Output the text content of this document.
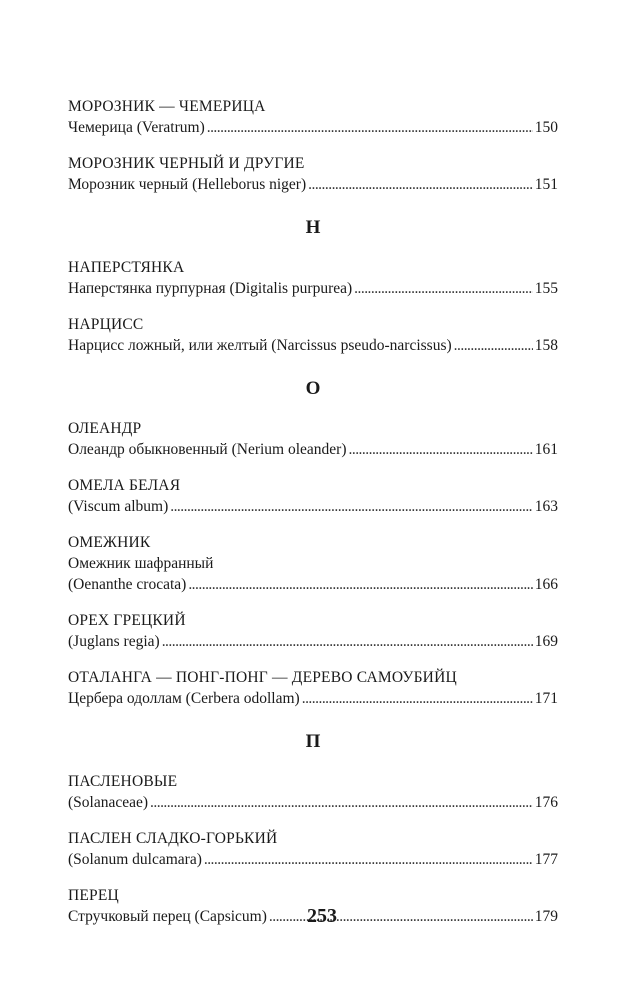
МОРОЗНИК — ЧЕМЕРИЦА
Чемерица (Veratrum) . . .	150
МОРОЗНИК ЧЕРНЫЙ И ДРУГИЕ
Морозник черный (Helleborus niger) . . .	151
Н
НАПЕРСТЯНКА
Наперстянка пурпурная (Digitalis purpurea) . . .	155
НАРЦИСС
Нарцисс ложный, или желтый (Narcissus pseudo-narcissus) . . .	158
О
ОЛЕАНДР
Олеандр обыкновенный (Nerium oleander) . . .	161
ОМЕЛА БЕЛАЯ
(Viscum album) . . .	163
ОМЕЖНИК
Омежник шафранный
(Oenanthe crocata) . . .	166
ОРЕХ ГРЕЦКИЙ
(Juglans regia) . . .	169
ОТАЛАНГА — ПОНГ-ПОНГ — ДЕРЕВО САМОУБИЙЦ
Цербера одоллам (Cerbera odollam) . . .	171
П
ПАСЛЕНОВЫЕ
(Solanaceae) . . .	176
ПАСЛЕН СЛАДКО-ГОРЬКИЙ
(Solanum dulcamara) . . .	177
ПЕРЕЦ
Стручковый перец (Capsicum) . . .	179
253
